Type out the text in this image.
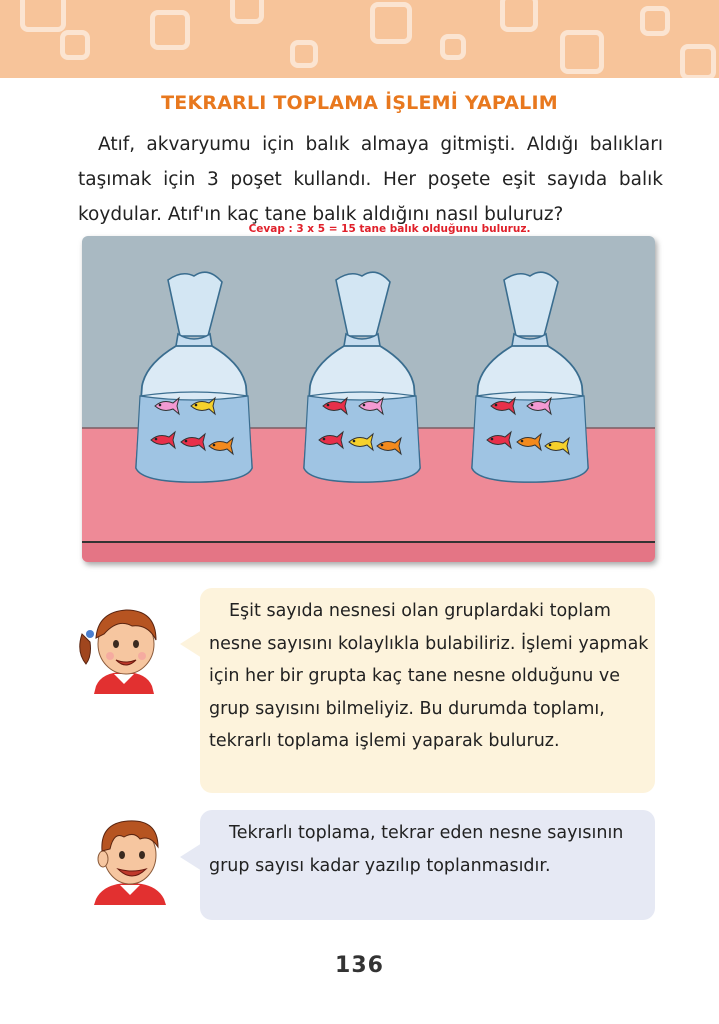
TEKRARLI TOPLAMA İŞLEMİ YAPALIM

Atıf, akvaryumu için balık almaya gitmişti. Aldığı balıkları taşımak için 3 poşet kullandı. Her poşete eşit sayıda balık koydular. Atıf'ın kaç tane balık aldığını nasıl buluruz?

Cevap : 3 x 5 = 15 tane balık olduğunu buluruz.

Eşit sayıda nesnesi olan gruplardaki toplam nesne sayısını kolaylıkla bulabiliriz. İşlemi yapmak için her bir grupta kaç tane nesne olduğunu ve grup sayısını bilmeliyiz. Bu durumda toplamı, tekrarlı toplama işlemi yaparak buluruz.

Tekrarlı toplama, tekrar eden nesne sayısının grup sayısı kadar yazılıp toplanmasıdır.

136
